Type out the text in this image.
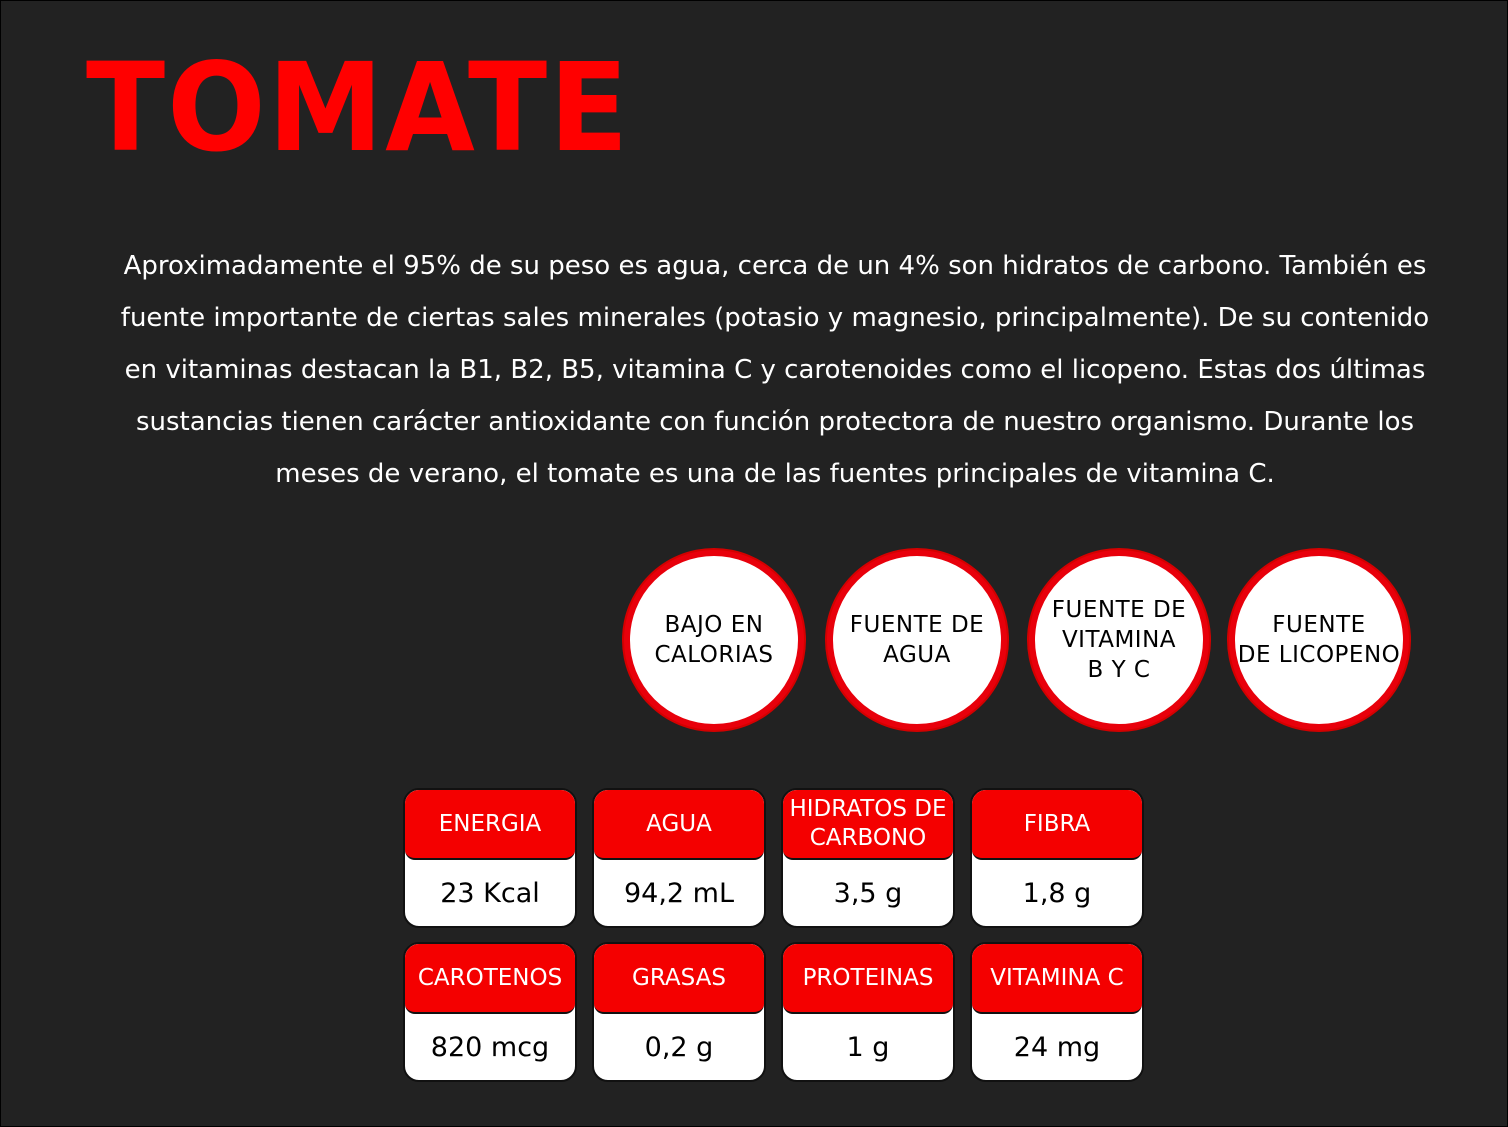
TOMATE
Aproximadamente el 95% de su peso es agua, cerca de un 4% son hidratos de carbono. También es fuente importante de ciertas sales minerales (potasio y magnesio, principalmente). De su contenido en vitaminas destacan la B1, B2, B5, vitamina C y carotenoides como el licopeno. Estas dos últimas sustancias tienen carácter antioxidante con función protectora de nuestro organismo. Durante los meses de verano, el tomate es una de las fuentes principales de vitamina C.
BAJO EN
CALORIAS
FUENTE DE
AGUA
FUENTE DE
VITAMINA
B Y C
FUENTE
DE LICOPENO
ENERGIA
23 Kcal
AGUA
94,2 mL
HIDRATOS DE
CARBONO
3,5 g
FIBRA
1,8 g
CAROTENOS
820 mcg
GRASAS
0,2 g
PROTEINAS
1 g
VITAMINA C
24 mg
